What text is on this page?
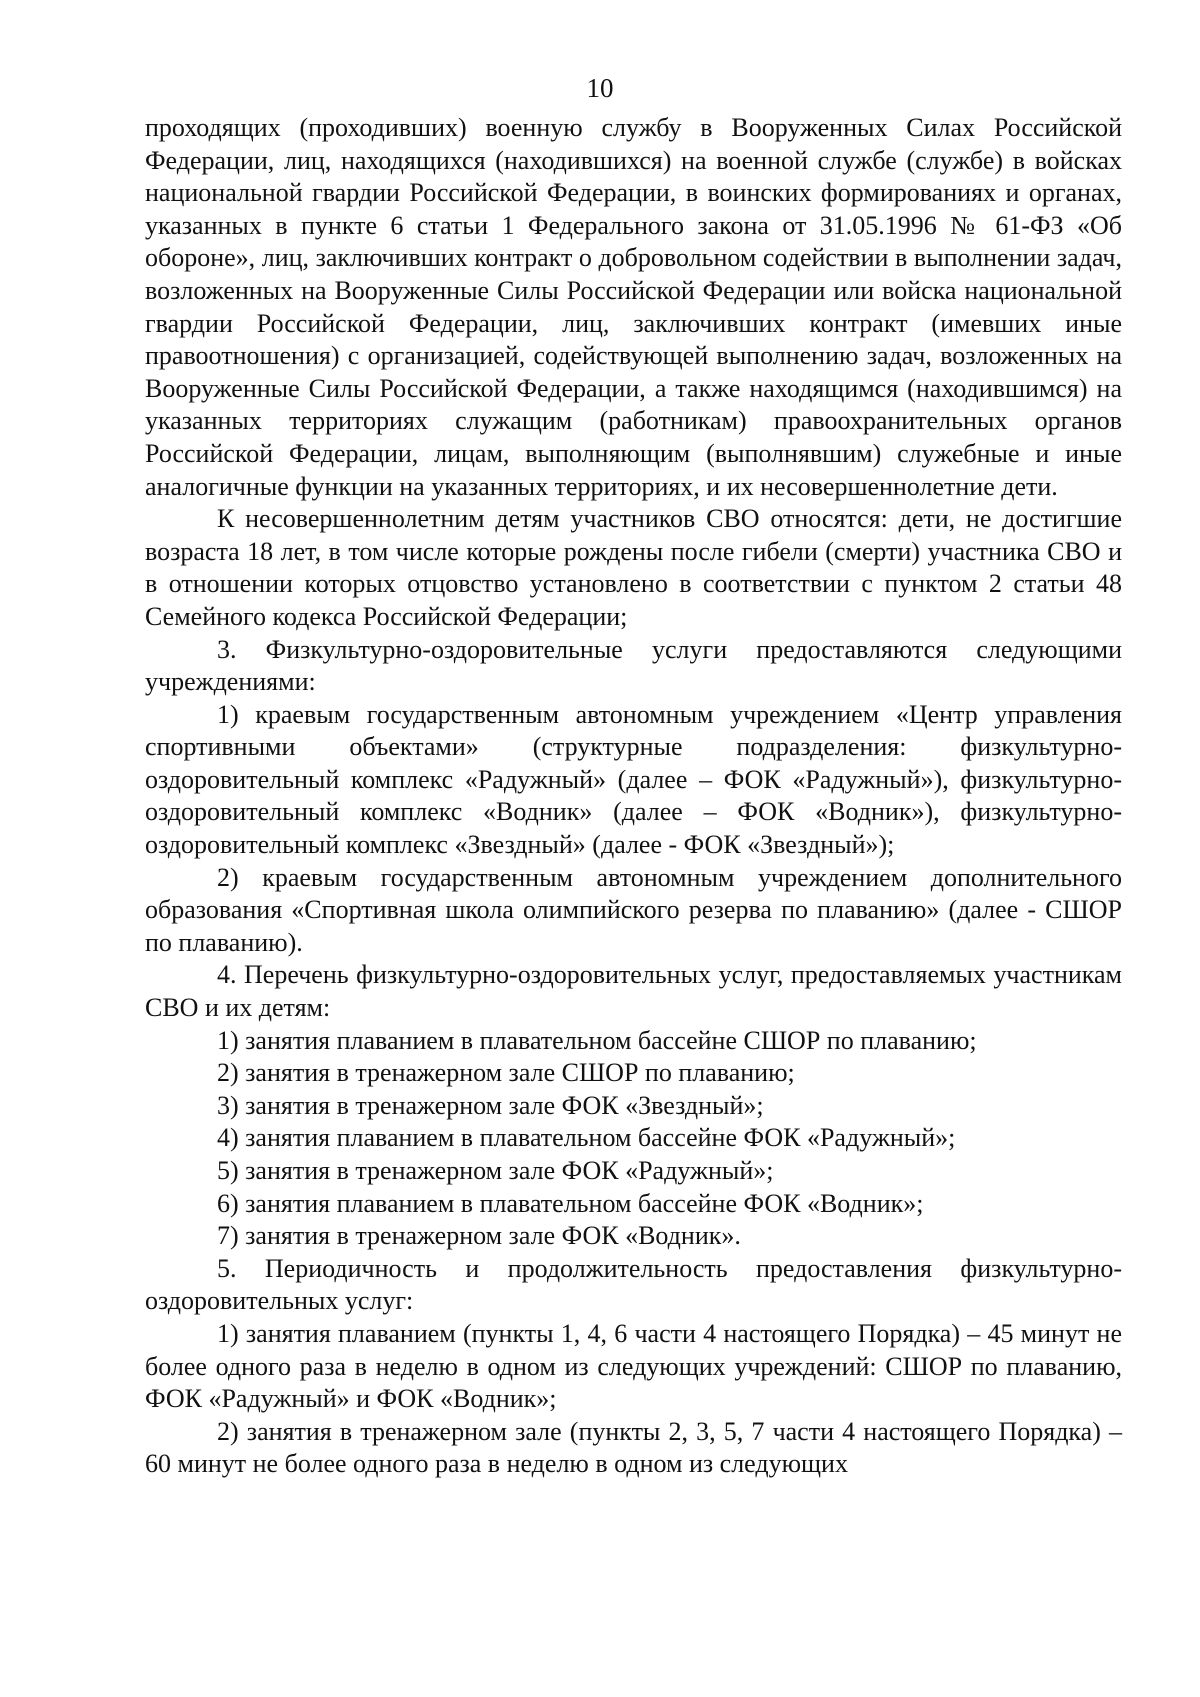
10

проходящих (проходивших) военную службу в Вооруженных Силах Российской Федерации, лиц, находящихся (находившихся) на военной службе (службе) в войсках национальной гвардии Российской Федерации, в воинских формированиях и органах, указанных в пункте 6 статьи 1 Федерального закона от 31.05.1996 № 61-ФЗ «Об обороне», лиц, заключивших контракт о добровольном содействии в выполнении задач, возложенных на Вооруженные Силы Российской Федерации или войска национальной гвардии Российской Федерации, лиц, заключивших контракт (имевших иные правоотношения) с организацией, содействующей выполнению задач, возложенных на Вооруженные Силы Российской Федерации, а также находящимся (находившимся) на указанных территориях служащим (работникам) правоохранительных органов Российской Федерации, лицам, выполняющим (выполнявшим) служебные и иные аналогичные функции на указанных территориях, и их несовершеннолетние дети.

К несовершеннолетним детям участников СВО относятся: дети, не достигшие возраста 18 лет, в том числе которые рождены после гибели (смерти) участника СВО и в отношении которых отцовство установлено в соответствии с пунктом 2 статьи 48 Семейного кодекса Российской Федерации;

3. Физкультурно-оздоровительные услуги предоставляются следующими учреждениями:

1) краевым государственным автономным учреждением «Центр управления спортивными объектами» (структурные подразделения: физкультурно-оздоровительный комплекс «Радужный» (далее – ФОК «Радужный»), физкультурно-оздоровительный комплекс «Водник» (далее – ФОК «Водник»), физкультурно-оздоровительный комплекс «Звездный» (далее - ФОК «Звездный»);

2) краевым государственным автономным учреждением дополнительного образования «Спортивная школа олимпийского резерва по плаванию» (далее - СШОР по плаванию).

4. Перечень физкультурно-оздоровительных услуг, предоставляемых участникам СВО и их детям:

1) занятия плаванием в плавательном бассейне СШОР по плаванию;

2) занятия в тренажерном зале СШОР по плаванию;

3) занятия в тренажерном зале ФОК «Звездный»;

4) занятия плаванием в плавательном бассейне ФОК «Радужный»;

5) занятия в тренажерном зале ФОК «Радужный»;

6) занятия плаванием в плавательном бассейне ФОК «Водник»;

7) занятия в тренажерном зале ФОК «Водник».

5. Периодичность и продолжительность предоставления физкультурно-оздоровительных услуг:

1) занятия плаванием (пункты 1, 4, 6 части 4 настоящего Порядка) – 45 минут не более одного раза в неделю в одном из следующих учреждений: СШОР по плаванию, ФОК «Радужный» и ФОК «Водник»;

2) занятия в тренажерном зале (пункты 2, 3, 5, 7 части 4 настоящего Порядка) – 60 минут не более одного раза в неделю в одном из следующих
